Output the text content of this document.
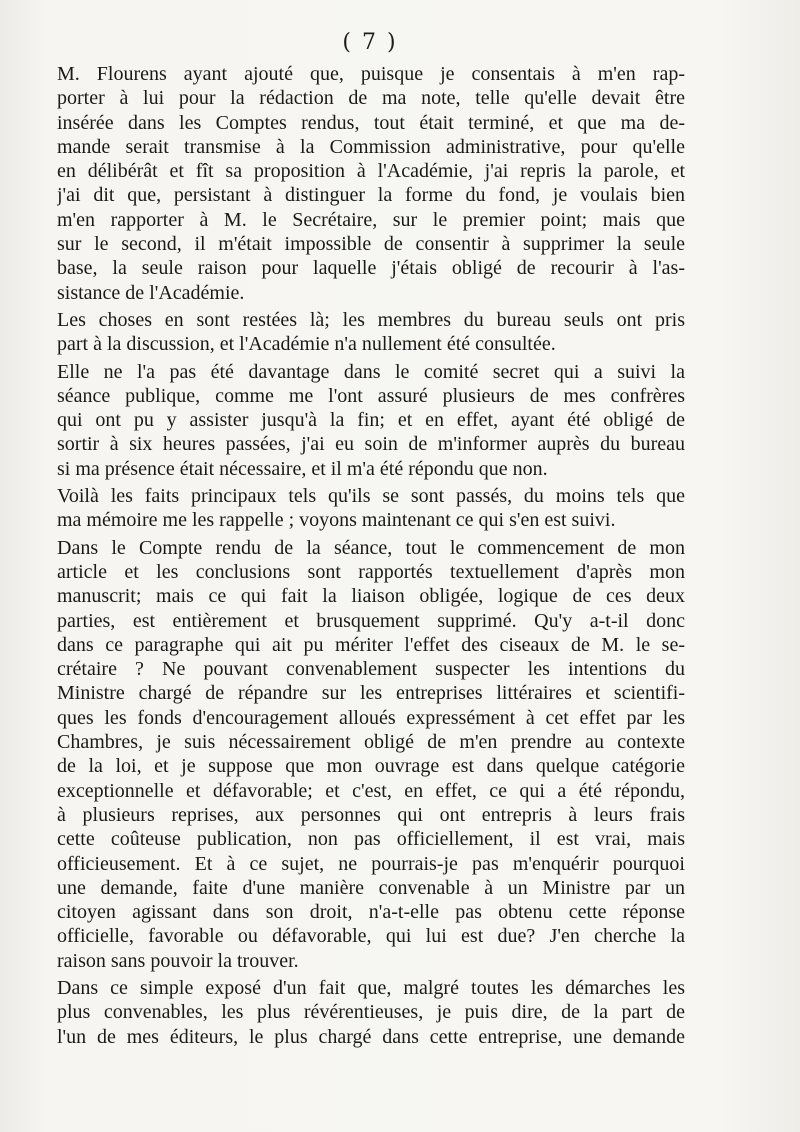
( 7 )
M. Flourens ayant ajouté que, puisque je consentais à m'en rap-
porter à lui pour la rédaction de ma note, telle qu'elle devait être
insérée dans les Comptes rendus, tout était terminé, et que ma de-
mande serait transmise à la Commission administrative, pour qu'elle
en délibérât et fît sa proposition à l'Académie, j'ai repris la parole, et
j'ai dit que, persistant à distinguer la forme du fond, je voulais bien
m'en rapporter à M. le Secrétaire, sur le premier point; mais que
sur le second, il m'était impossible de consentir à supprimer la seule
base, la seule raison pour laquelle j'étais obligé de recourir à l'as-
sistance de l'Académie.
Les choses en sont restées là; les membres du bureau seuls ont pris
part à la discussion, et l'Académie n'a nullement été consultée.
Elle ne l'a pas été davantage dans le comité secret qui a suivi la
séance publique, comme me l'ont assuré plusieurs de mes confrères
qui ont pu y assister jusqu'à la fin; et en effet, ayant été obligé de
sortir à six heures passées, j'ai eu soin de m'informer auprès du bureau
si ma présence était nécessaire, et il m'a été répondu que non.
Voilà les faits principaux tels qu'ils se sont passés, du moins tels que
ma mémoire me les rappelle ; voyons maintenant ce qui s'en est suivi.
Dans le Compte rendu de la séance, tout le commencement de mon
article et les conclusions sont rapportés textuellement d'après mon
manuscrit; mais ce qui fait la liaison obligée, logique de ces deux
parties, est entièrement et brusquement supprimé. Qu'y a-t-il donc
dans ce paragraphe qui ait pu mériter l'effet des ciseaux de M. le se-
crétaire ? Ne pouvant convenablement suspecter les intentions du
Ministre chargé de répandre sur les entreprises littéraires et scientifi-
ques les fonds d'encouragement alloués expressément à cet effet par les
Chambres, je suis nécessairement obligé de m'en prendre au contexte
de la loi, et je suppose que mon ouvrage est dans quelque catégorie
exceptionnelle et défavorable; et c'est, en effet, ce qui a été répondu,
à plusieurs reprises, aux personnes qui ont entrepris à leurs frais
cette coûteuse publication, non pas officiellement, il est vrai, mais
officieusement. Et à ce sujet, ne pourrais-je pas m'enquérir pourquoi
une demande, faite d'une manière convenable à un Ministre par un
citoyen agissant dans son droit, n'a-t-elle pas obtenu cette réponse
officielle, favorable ou défavorable, qui lui est due? J'en cherche la
raison sans pouvoir la trouver.
Dans ce simple exposé d'un fait que, malgré toutes les démarches les
plus convenables, les plus révérentieuses, je puis dire, de la part de
l'un de mes éditeurs, le plus chargé dans cette entreprise, une demande
